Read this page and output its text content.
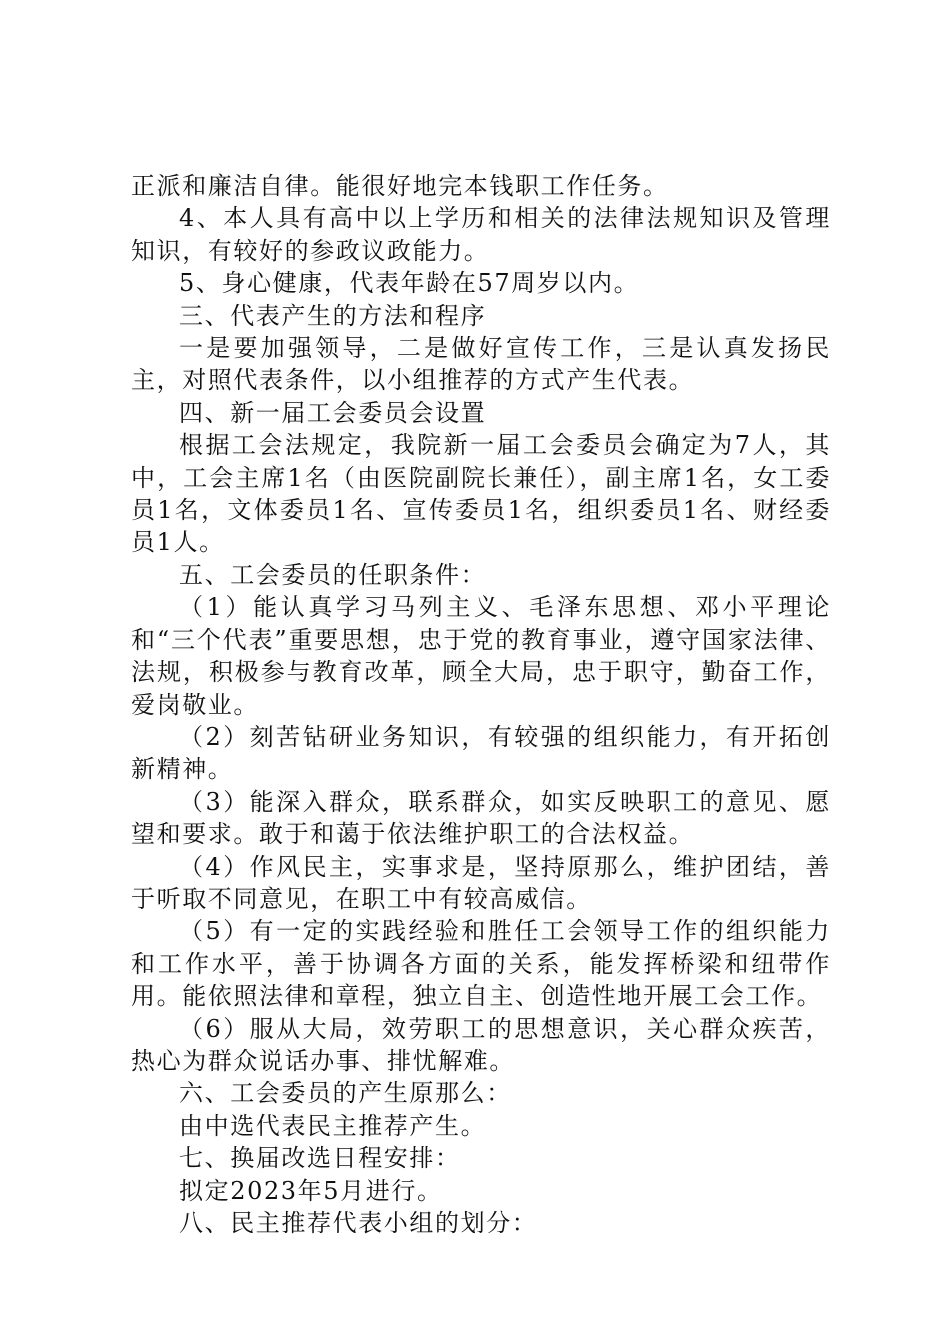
正派和廉洁自律。能很好地完本钱职工作任务。

4、本人具有高中以上学历和相关的法律法规知识及管理知识，有较好的参政议政能力。

5、身心健康，代表年龄在57周岁以内。

三、代表产生的方法和程序

一是要加强领导，二是做好宣传工作，三是认真发扬民主，对照代表条件，以小组推荐的方式产生代表。

四、新一届工会委员会设置

根据工会法规定，我院新一届工会委员会确定为7人，其中，工会主席1名（由医院副院长兼任），副主席1名，女工委员1名，文体委员1名、宣传委员1名，组织委员1名、财经委员1人。

五、工会委员的任职条件：

（1）能认真学习马列主义、毛泽东思想、邓小平理论和“三个代表”重要思想，忠于党的教育事业，遵守国家法律、法规，积极参与教育改革，顾全大局，忠于职守，勤奋工作，爱岗敬业。

（2）刻苦钻研业务知识，有较强的组织能力，有开拓创新精神。

（3）能深入群众，联系群众，如实反映职工的意见、愿望和要求。敢于和蔼于依法维护职工的合法权益。

（4）作风民主，实事求是，坚持原那么，维护团结，善于听取不同意见，在职工中有较高威信。

（5）有一定的实践经验和胜任工会领导工作的组织能力和工作水平，善于协调各方面的关系，能发挥桥梁和纽带作用。能依照法律和章程，独立自主、创造性地开展工会工作。

（6）服从大局，效劳职工的思想意识，关心群众疾苦，热心为群众说话办事、排忧解难。

六、工会委员的产生原那么：

由中选代表民主推荐产生。

七、换届改选日程安排：

拟定2023年5月进行。

八、民主推荐代表小组的划分：
